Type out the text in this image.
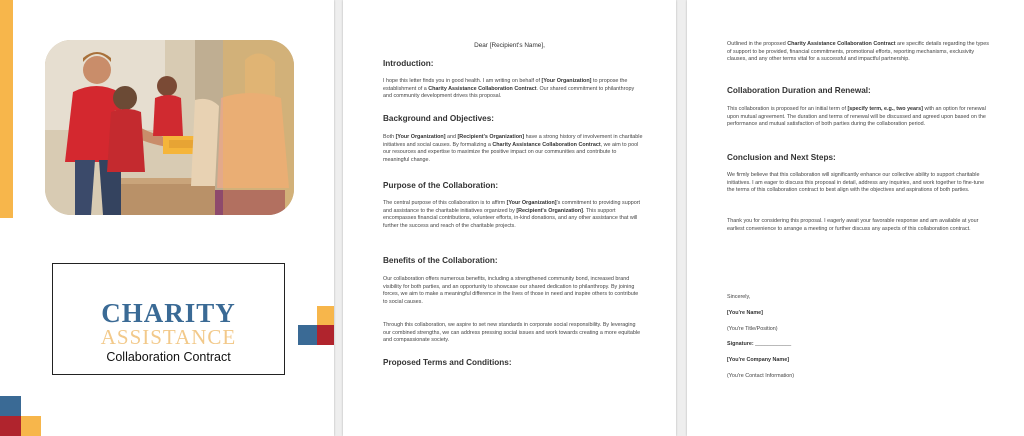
CHARITY
ASSISTANCE
Collaboration Contract
Dear [Recipient's Name],
Introduction:
I hope this letter finds you in good health. I am writing on behalf of [Your Organization] to propose the establishment of a Charity Assistance Collaboration Contract. Our shared commitment to philanthropy and community development drives this proposal.
Background and Objectives:
Both [Your Organization] and [Recipient's Organization] have a strong history of involvement in charitable initiatives and social causes. By formalizing a Charity Assistance Collaboration Contract, we aim to pool our resources and expertise to maximize the positive impact on our communities and contribute to meaningful change.
Purpose of the Collaboration:
The central purpose of this collaboration is to affirm [Your Organization]'s commitment to providing support and assistance to the charitable initiatives organized by [Recipient's Organization]. This support encompasses financial contributions, volunteer efforts, in-kind donations, and any other assistance that will further the success and reach of the charitable projects.
Benefits of the Collaboration:
Our collaboration offers numerous benefits, including a strengthened community bond, increased brand visibility for both parties, and an opportunity to showcase our shared dedication to philanthropy. By joining forces, we aim to make a meaningful difference in the lives of those in need and inspire others to contribute to social causes.
Through this collaboration, we aspire to set new standards in corporate social responsibility. By leveraging our combined strengths, we can address pressing social issues and work towards creating a more equitable and compassionate society.
Proposed Terms and Conditions:
Outlined in the proposed Charity Assistance Collaboration Contract are specific details regarding the types of support to be provided, financial commitments, promotional efforts, reporting mechanisms, exclusivity clauses, and any other terms vital for a successful and impactful partnership.
Collaboration Duration and Renewal:
This collaboration is proposed for an initial term of [specify term, e.g., two years] with an option for renewal upon mutual agreement. The duration and terms of renewal will be discussed and agreed upon based on the performance and mutual satisfaction of both parties during the collaboration period.
Conclusion and Next Steps:
We firmly believe that this collaboration will significantly enhance our collective ability to support charitable initiatives. I am eager to discuss this proposal in detail, address any inquiries, and work together to fine-tune the terms of this collaboration contract to best align with the objectives and aspirations of both parties.
Thank you for considering this proposal. I eagerly await your favorable response and am available at your earliest convenience to arrange a meeting or further discuss any aspects of this collaboration contract.
Sincerely,
[You're Name]
(You're Title/Position)
Signature: ____________
[You're Company Name]
(You're Contact Information)
